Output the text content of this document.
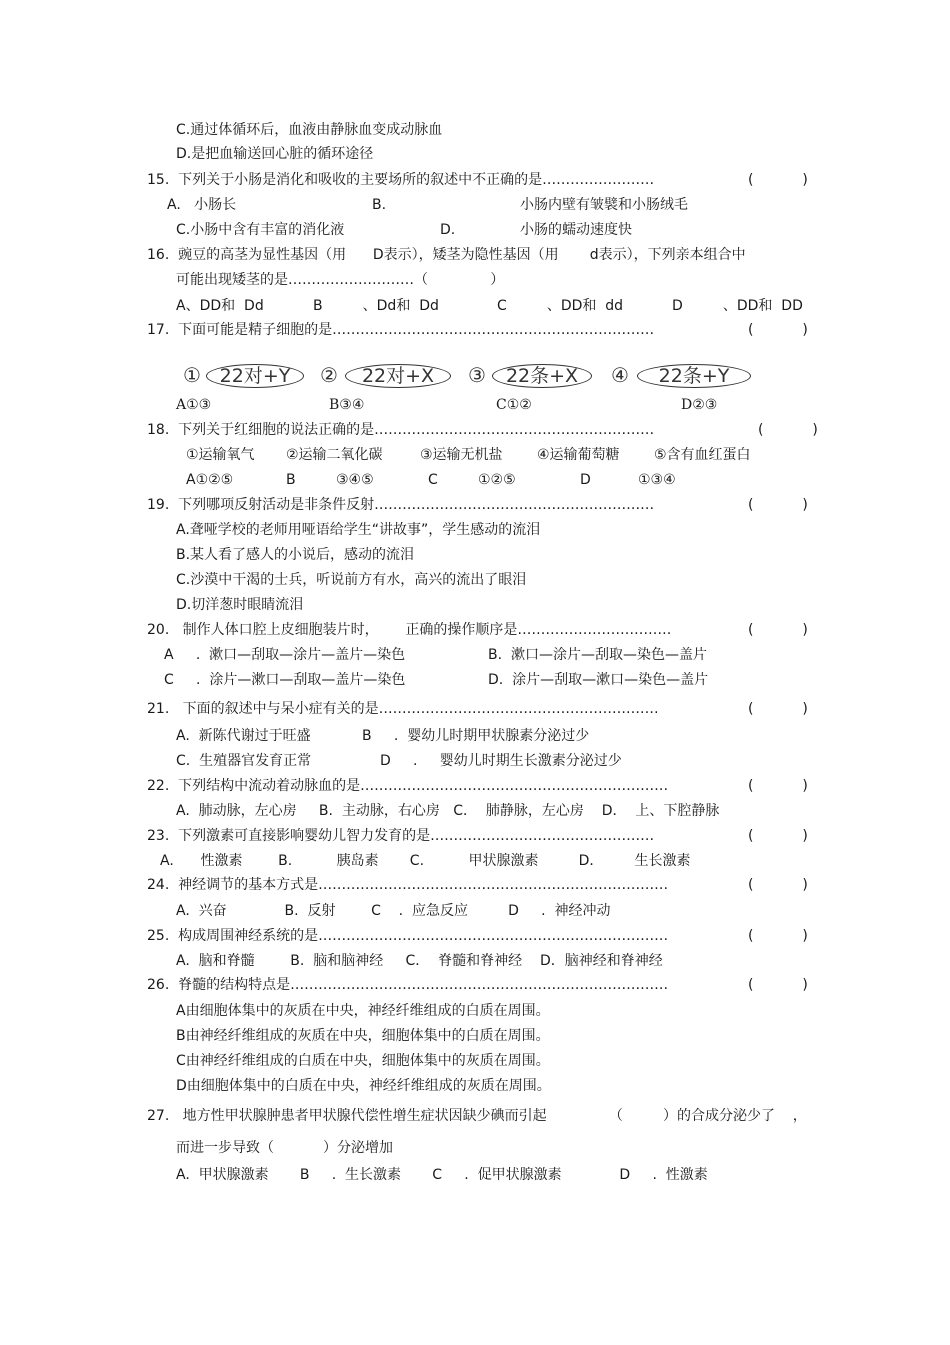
C.通过体循环后，血液由静脉血变成动脉血
D.是把血输送回心脏的循环途径
15.  下列关于小肠是消化和吸收的主要场所的叙述中不正确的是……………………	(           )
A.   小肠长	B.	小肠内壁有皱襞和小肠绒毛
C.小肠中含有丰富的消化液	D.	小肠的蠕动速度快
16.  豌豆的高茎为显性基因（用      D表示），矮茎为隐性基因（用       d表示），下列亲本组合中
可能出现矮茎的是………………………（              ）
A、DD和  Dd	B         、Dd和  Dd	C         、DD和  dd	D         、DD和  DD
17.  下面可能是精子细胞的是……………………………………………………………	(           )
① 22对+Y	②	22对+X	③	22条+X	④	22条+Y
A①③	B③④	C①②	D②③
18.  下列关于红细胞的说法正确的是……………………………………………………	(           )
①运输氧气 ②运输二氧化碳	③运输无机盐 ④运输葡萄糖 ⑤含有血红蛋白
A①②⑤	B	③④⑤	C	①②⑤	D	①③④
19.  下列哪项反射活动是非条件反射……………………………………………………	(           )
A.聋哑学校的老师用哑语给学生“讲故事”，学生感动的流泪
B.某人看了感人的小说后，感动的流泪
C.沙漠中干渴的士兵，听说前方有水，高兴的流出了眼泪
D.切洋葱时眼睛流泪
20.   制作人体口腔上皮细胞装片时，      正确的操作顺序是……………………………	(           )
A     .  漱口—刮取—涂片—盖片—染色	B.  漱口—涂片—刮取—染色—盖片
C     .  涂片—漱口—刮取—盖片—染色	D.  涂片—刮取—漱口—染色—盖片
21.   下面的叙述中与呆小症有关的是……………………………………………………	(           )
A.  新陈代谢过于旺盛	B     .  婴幼儿时期甲状腺素分泌过少
C.  生殖器官发育正常	D     .     婴幼儿时期生长激素分泌过少
22.  下列结构中流动着动脉血的是…………………………………………………………	(           )
A.  肺动脉，左心房     B.  主动脉，右心房   C．  肺静脉，左心房    D．  上、下腔静脉
23.  下列激素可直接影响婴幼儿智力发育的是…………………………………………	(           )
A.      性激素        B.          胰岛素       C.          甲状腺激素         D．       生长激素
24.  神经调节的基本方式是…………………………………………………………………	(           )
A.  兴奋             B.  反射        C    .  应急反应         D     .  神经冲动
25.  构成周围神经系统的是…………………………………………………………………	(           )
A.  脑和脊髓        B.  脑和脑神经     C．  脊髓和脊神经    D．脑神经和脊神经
26.  脊髓的结构特点是………………………………………………………………………	(           )
A由细胞体集中的灰质在中央，神经纤维组成的白质在周围。
B由神经纤维组成的灰质在中央，细胞体集中的白质在周围。
C由神经纤维组成的白质在中央，细胞体集中的灰质在周围。
D由细胞体集中的白质在中央，神经纤维组成的灰质在周围。
27.   地方性甲状腺肿患者甲状腺代偿性增生症状因缺少碘而引起              （         ）的合成分泌少了    ，
而进一步导致（           ）分泌增加
A.  甲状腺激素       B     .  生长激素       C     .  促甲状腺激素             D     .  性激素
